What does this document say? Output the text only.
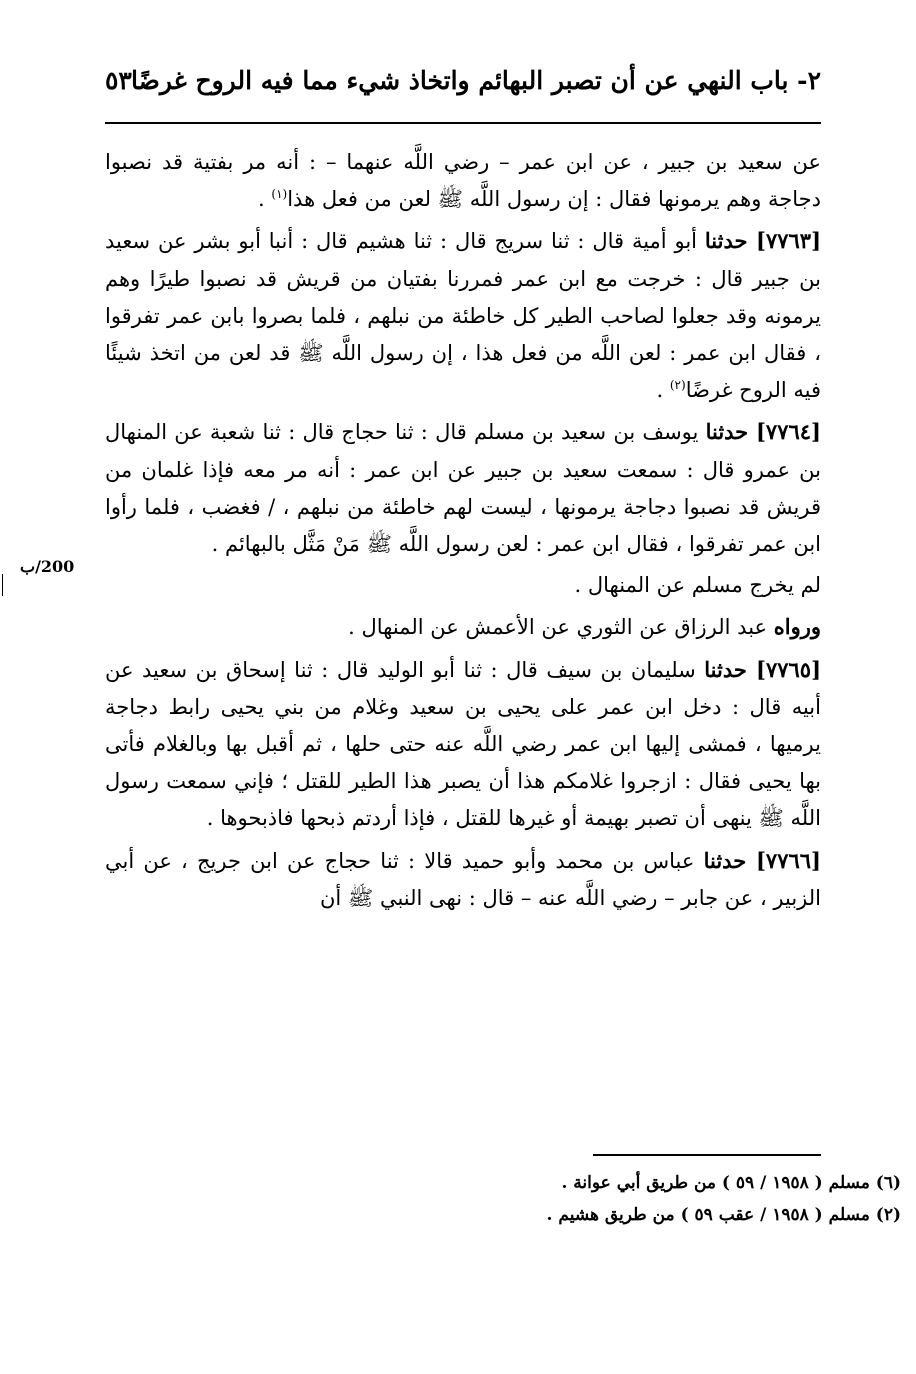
٢- باب النهي عن أن تصبر البهائم واتخاذ شيء مما فيه الروح غرضًا
٥٣

عن سعيد بن جبير ، عن ابن عمر – رضي اللَّه عنهما – : أنه مر بفتية قد نصبوا دجاجة وهم يرمونها فقال : إن رسول اللَّه ﷺ لعن من فعل هذا$^{(١)}$ .

[٧٧٦٣] حدثنا أبو أمية قال : ثنا سريج قال : ثنا هشيم قال : أنبا أبو بشر عن سعيد بن جبير قال : خرجت مع ابن عمر فمررنا بفتيان من قريش قد نصبوا طيرًا وهم يرمونه وقد جعلوا لصاحب الطير كل خاطئة من نبلهم ، فلما بصروا بابن عمر تفرقوا ، فقال ابن عمر : لعن اللَّه من فعل هذا ، إن رسول اللَّه ﷺ قد لعن من اتخذ شيئًا فيه الروح غرضًا$^{(٢)}$ .

[٧٧٦٤] حدثنا يوسف بن سعيد بن مسلم قال : ثنا حجاج قال : ثنا شعبة عن المنهال بن عمرو قال : سمعت سعيد بن جبير عن ابن عمر : أنه مر معه فإذا غلمان من قريش قد نصبوا دجاجة يرمونها ، ليست لهم خاطئة من نبلهم ، / فغضب ، فلما رأوا ابن عمر تفرقوا ، فقال ابن عمر : لعن رسول اللَّه ﷺ مَنْ مَثَّل بالبهائم .

لم يخرج مسلم عن المنهال .

ورواه عبد الرزاق عن الثوري عن الأعمش عن المنهال .

[٧٧٦٥] حدثنا سليمان بن سيف قال : ثنا أبو الوليد قال : ثنا إسحاق بن سعيد عن أبيه قال : دخل ابن عمر على يحيى بن سعيد وغلام من بني يحيى رابط دجاجة يرميها ، فمشى إليها ابن عمر رضي اللَّه عنه حتى حلها ، ثم أقبل بها وبالغلام فأتى بها يحيى فقال : ازجروا غلامكم هذا أن يصبر هذا الطير للقتل ؛ فإني سمعت رسول اللَّه ﷺ ينهى أن تصبر بهيمة أو غيرها للقتل ، فإذا أردتم ذبحها فاذبحوها .

[٧٧٦٦] حدثنا عباس بن محمد وأبو حميد قالا : ثنا حجاج عن ابن جريج ، عن أبي الزبير ، عن جابر – رضي اللَّه عنه – قال : نهى النبي ﷺ أن

200/ب

(٦) مسلم ( ١٩٥٨ / ٥٩ ) من طريق أبي عوانة .

(٢) مسلم ( ١٩٥٨ / عقب ٥٩ ) من طريق هشيم .
